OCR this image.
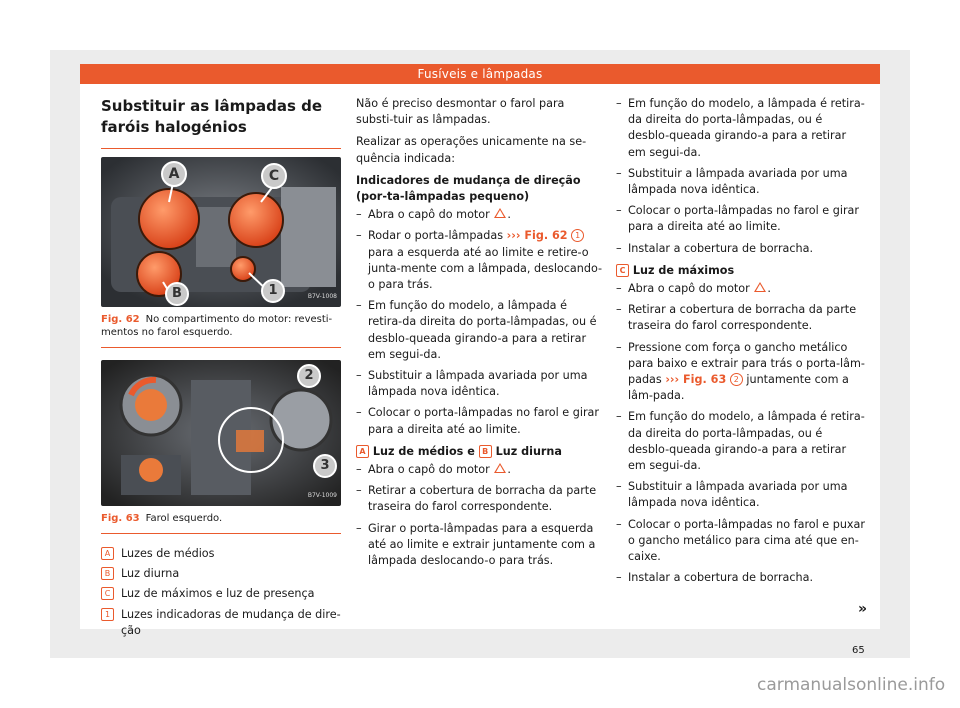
Fusíveis e lâmpadas
Substituir as lâmpadas de faróis halogénios
A	C
B	1	B7V-1008
Fig. 62 No compartimento do motor: revesti-mentos no farol esquerdo.
2
3
B7V-1009
Fig. 63 Farol esquerdo.
A Luzes de médios
B Luz diurna
C Luz de máximos e luz de presença
1 Luzes indicadoras de mudança de dire-ção

Não é preciso desmontar o farol para substi-tuir as lâmpadas.

Realizar as operações unicamente na se-quência indicada:

Indicadores de mudança de direção (por-ta-lâmpadas pequeno)

– Abra o capô do motor .
– Rodar o porta-lâmpadas ››› Fig. 62 1 para a esquerda até ao limite e retire-o junta-mente com a lâmpada, deslocando-o para trás.
– Em função do modelo, a lâmpada é retira-da direita do porta-lâmpadas, ou é desblo-queada girando-a para a retirar em segui-da.
– Substituir a lâmpada avariada por uma lâmpada nova idêntica.
– Colocar o porta-lâmpadas no farol e girar para a direita até ao limite.

A Luz de médios e B Luz diurna

– Abra o capô do motor .
– Retirar a cobertura de borracha da parte traseira do farol correspondente.
– Girar o porta-lâmpadas para a esquerda até ao limite e extrair juntamente com a lâmpada deslocando-o para trás.
– Em função do modelo, a lâmpada é retira-da direita do porta-lâmpadas, ou é desblo-queada girando-a para a retirar em segui-da.
– Substituir a lâmpada avariada por uma lâmpada nova idêntica.
– Colocar o porta-lâmpadas no farol e girar para a direita até ao limite.
– Instalar a cobertura de borracha.

C Luz de máximos

– Abra o capô do motor .
– Retirar a cobertura de borracha da parte traseira do farol correspondente.
– Pressione com força o gancho metálico para baixo e extrair para trás o porta-lâm-padas ››› Fig. 63 2 juntamente com a lâm-pada.
– Em função do modelo, a lâmpada é retira-da direita do porta-lâmpadas, ou é desblo-queada girando-a para a retirar em segui-da.
– Substituir a lâmpada avariada por uma lâmpada nova idêntica.
– Colocar o porta-lâmpadas no farol e puxar o gancho metálico para cima até que en-caixe.
– Instalar a cobertura de borracha.
»
65
carmanualsonline.info
